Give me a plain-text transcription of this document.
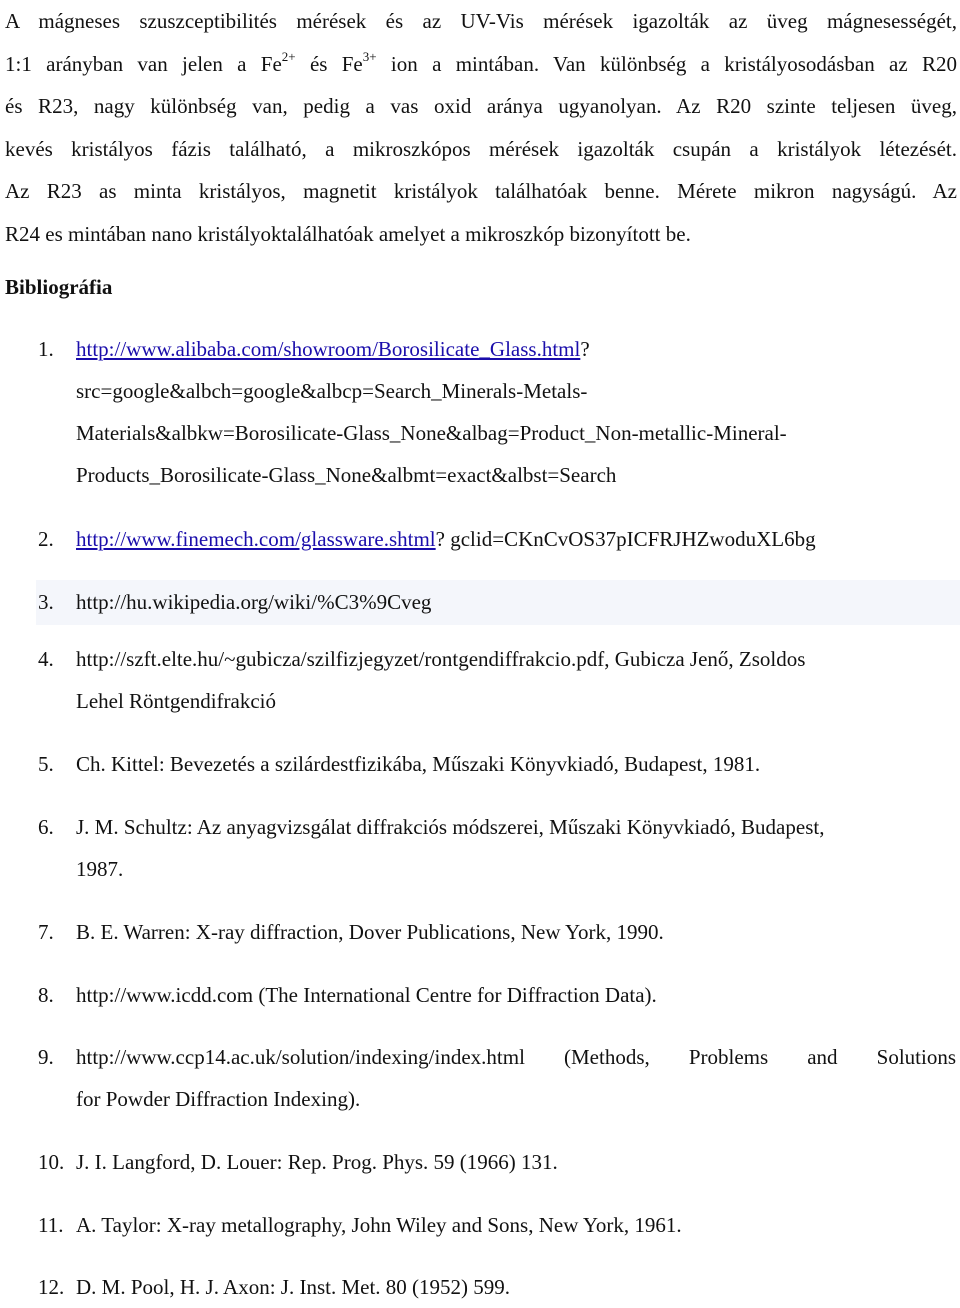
A mágneses szuszceptibilités mérések és az UV-Vis mérések igazolták az üveg mágnesességét,
1:1 arányban van jelen a $Fe^{2+}$ és $Fe^{3+}$ ion a mintában. Van különbség a kristályosodásban az R20
és R23, nagy különbség van, pedig a vas oxid aránya ugyanolyan. Az R20 szinte teljesen üveg,
kevés kristályos fázis található, a mikroszkópos mérések igazolták csupán a kristályok létezését.
Az R23 as minta kristályos, magnetit kristályok találhatóak benne. Mérete mikron nagyságú. Az
R24 es mintában nano kristályoktalálhatóak amelyet a mikroszkóp bizonyított be.
Bibliográfia
1. http://www.alibaba.com/showroom/Borosilicate_Glass.html?
src=google&albch=google&albcp=Search_Minerals-Metals-
Materials&albkw=Borosilicate-Glass_None&albag=Product_Non-metallic-Mineral-
Products_Borosilicate-Glass_None&albmt=exact&albst=Search
2. http://www.finemech.com/glassware.shtml? gclid=CKnCvOS37pICFRJHZwoduXL6bg
3. http://hu.wikipedia.org/wiki/%C3%9Cveg
4. http://szft.elte.hu/~gubicza/szilfizjegyzet/rontgendiffrakcio.pdf, Gubicza Jenő, Zsoldos
Lehel Röntgendifrakció
5. Ch. Kittel: Bevezetés a szilárdestfizikába, Műszaki Könyvkiadó, Budapest, 1981.
6. J. M. Schultz: Az anyagvizsgálat diffrakciós módszerei, Műszaki Könyvkiadó, Budapest,
1987.
7. B. E. Warren: X-ray diffraction, Dover Publications, New York, 1990.
8. http://www.icdd.com (The International Centre for Diffraction Data).
9. http://www.ccp14.ac.uk/solution/indexing/index.html (Methods, Problems and Solutions
for Powder Diffraction Indexing).
10. J. I. Langford, D. Louer: Rep. Prog. Phys. 59 (1966) 131.
11. A. Taylor: X-ray metallography, John Wiley and Sons, New York, 1961.
12. D. M. Pool, H. J. Axon: J. Inst. Met. 80 (1952) 599.
